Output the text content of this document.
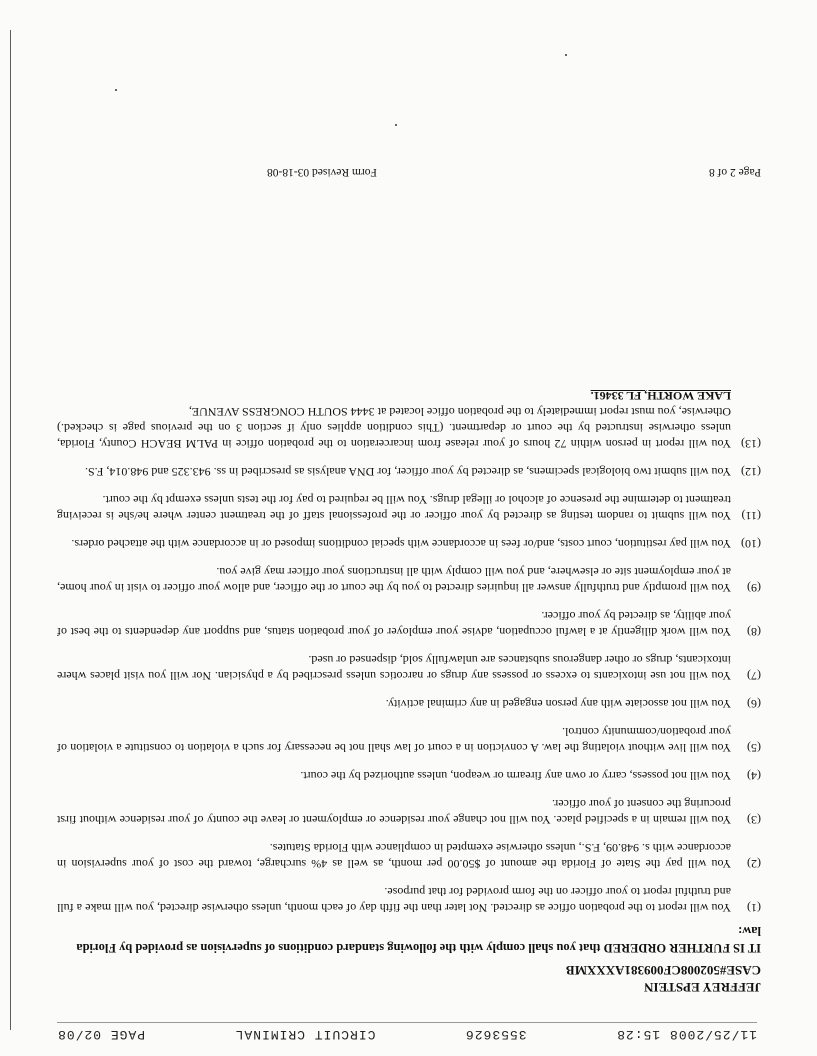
11/25/2008 15:28
3553626
CIRCUIT CRIMINAL
PAGE 02/08
JEFFREY EPSTEIN
CASE#502008CF009381AXXXMB
IT IS FURTHER ORDERED that you shall comply with the following standard conditions of supervision as provided by Florida law:
(1)
You will report to the probation office as directed. Not later than the fifth day of each month, unless otherwise directed, you will make a full and truthful report to your officer on the form provided for that purpose.
(2)
You will pay the State of Florida the amount of $50.00 per month, as well as 4% surcharge, toward the cost of your supervision in accordance with s. 948.09, F.S., unless otherwise exempted in compliance with Florida Statutes.
(3)
You will remain in a specified place. You will not change your residence or employment or leave the county of your residence without first procuring the consent of your officer.
(4)
You will not possess, carry or own any firearm or weapon, unless authorized by the court.
(5)
You will live without violating the law. A conviction in a court of law shall not be necessary for such a violation to constitute a violation of your probation/community control.
(6)
You will not associate with any person engaged in any criminal activity.
(7)
You will not use intoxicants to excess or possess any drugs or narcotics unless prescribed by a physician. Nor will you visit places where intoxicants, drugs or other dangerous substances are unlawfully sold, dispensed or used.
(8)
You will work diligently at a lawful occupation, advise your employer of your probation status, and support any dependents to the best of your ability, as directed by your officer.
(9)
You will promptly and truthfully answer all inquiries directed to you by the court or the officer, and allow your officer to visit in your home, at your employment site or elsewhere, and you will comply with all instructions your officer may give you.
(10)
You will pay restitution, court costs, and/or fees in accordance with special conditions imposed or in accordance with the attached orders.
(11)
You will submit to random testing as directed by your officer or the professional staff of the treatment center where he/she is receiving treatment to determine the presence of alcohol or illegal drugs. You will be required to pay for the tests unless exempt by the court.
(12)
You will submit two biological specimens, as directed by your officer, for DNA analysis as prescribed in ss. 943.325 and 948.014, F.S.
(13)
You will report in person within 72 hours of your release from incarceration to the probation office in PALM BEACH County, Florida, unless otherwise instructed by the court or department. (This condition applies only if section 3 on the previous page is checked.) Otherwise, you must report immediately to the probation office located at 3444 SOUTH CONGRESS AVENUE,
LAKE WORTH, FL 33461.
Page 2 of 8
Form Revised 03-18-08
